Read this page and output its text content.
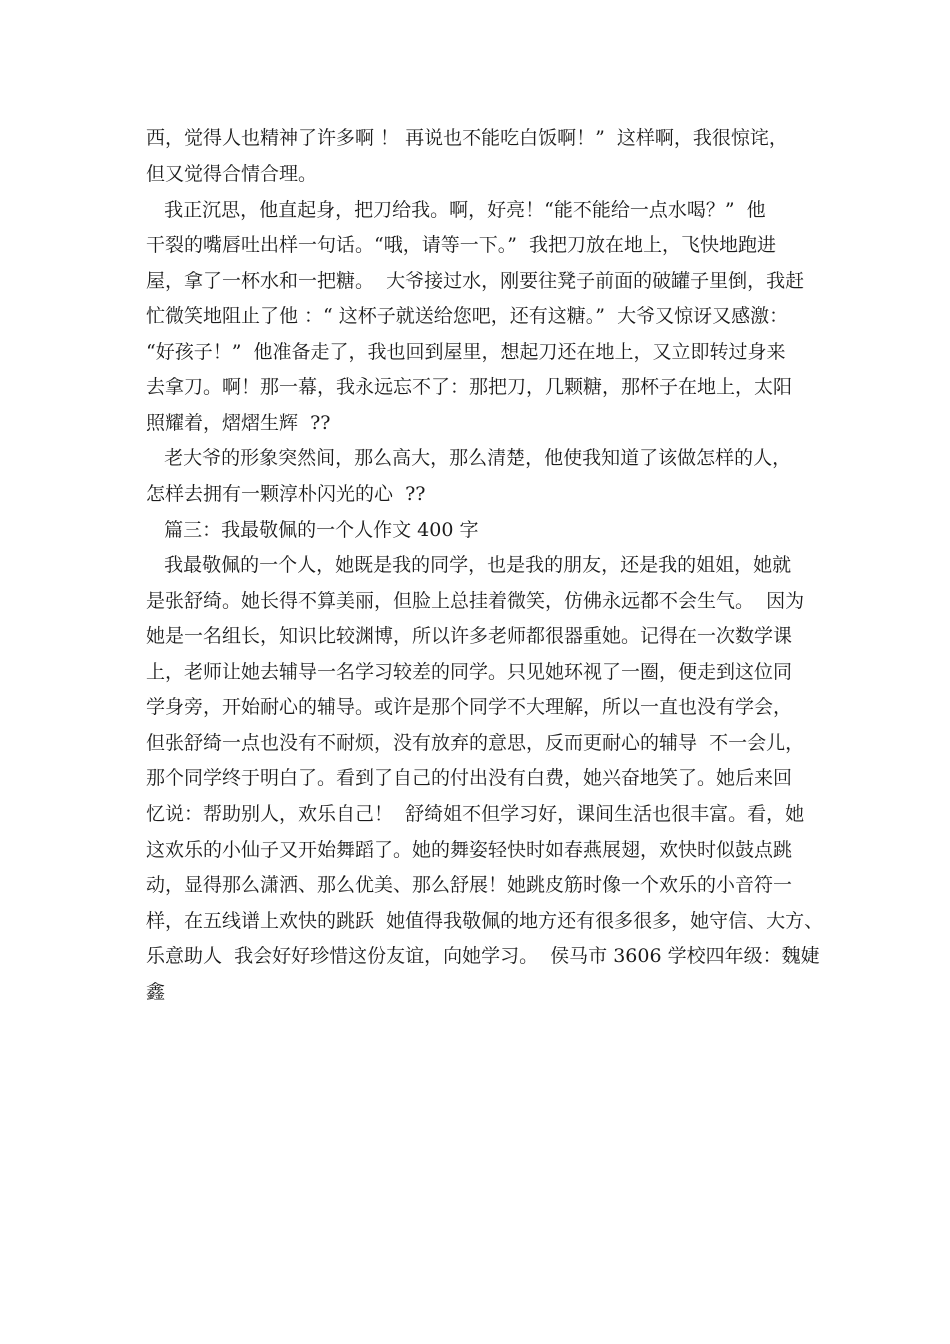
西，觉得人也精神了许多啊 ！ 再说也不能吃白饭啊！”  这样啊，我很惊诧，

但又觉得合情合理。

我正沉思，他直起身，把刀给我。啊，好亮！“能不能给一点水喝？”  他

干裂的嘴唇吐出样一句话。“哦，请等一下。”  我把刀放在地上，飞快地跑进

屋，拿了一杯水和一把糖。  大爷接过水，刚要往凳子前面的破罐子里倒，我赶

忙微笑地阻止了他 ：“ 这杯子就送给您吧，还有这糖。”  大爷又惊讶又感激：

“好孩子！”  他准备走了，我也回到屋里，想起刀还在地上，又立即转过身来

去拿刀。啊！那一幕，我永远忘不了：那把刀，几颗糖，那杯子在地上，太阳

照耀着，熠熠生辉  ??

老大爷的形象突然间，那么高大，那么清楚，他使我知道了该做怎样的人，

怎样去拥有一颗淳朴闪光的心  ??

篇三：我最敬佩的一个人作文 400 字

我最敬佩的一个人，她既是我的同学，也是我的朋友，还是我的姐姐，她就

是张舒绮。她长得不算美丽，但脸上总挂着微笑，仿佛永远都不会生气。  因为

她是一名组长，知识比较渊博，所以许多老师都很器重她。记得在一次数学课

上，老师让她去辅导一名学习较差的同学。只见她环视了一圈，便走到这位同

学身旁，开始耐心的辅导。或许是那个同学不大理解，所以一直也没有学会，

但张舒绮一点也没有不耐烦，没有放弃的意思，反而更耐心的辅导  不一会儿，

那个同学终于明白了。看到了自己的付出没有白费，她兴奋地笑了。她后来回

忆说：帮助别人，欢乐自己！  舒绮姐不但学习好，课间生活也很丰富。看，她

这欢乐的小仙子又开始舞蹈了。她的舞姿轻快时如春燕展翅，欢快时似鼓点跳

动，显得那么潇洒、那么优美、那么舒展！她跳皮筋时像一个欢乐的小音符一

样，在五线谱上欢快的跳跃  她值得我敬佩的地方还有很多很多，她守信、大方、

乐意助人  我会好好珍惜这份友谊，向她学习。  侯马市 3606 学校四年级：魏婕

鑫
